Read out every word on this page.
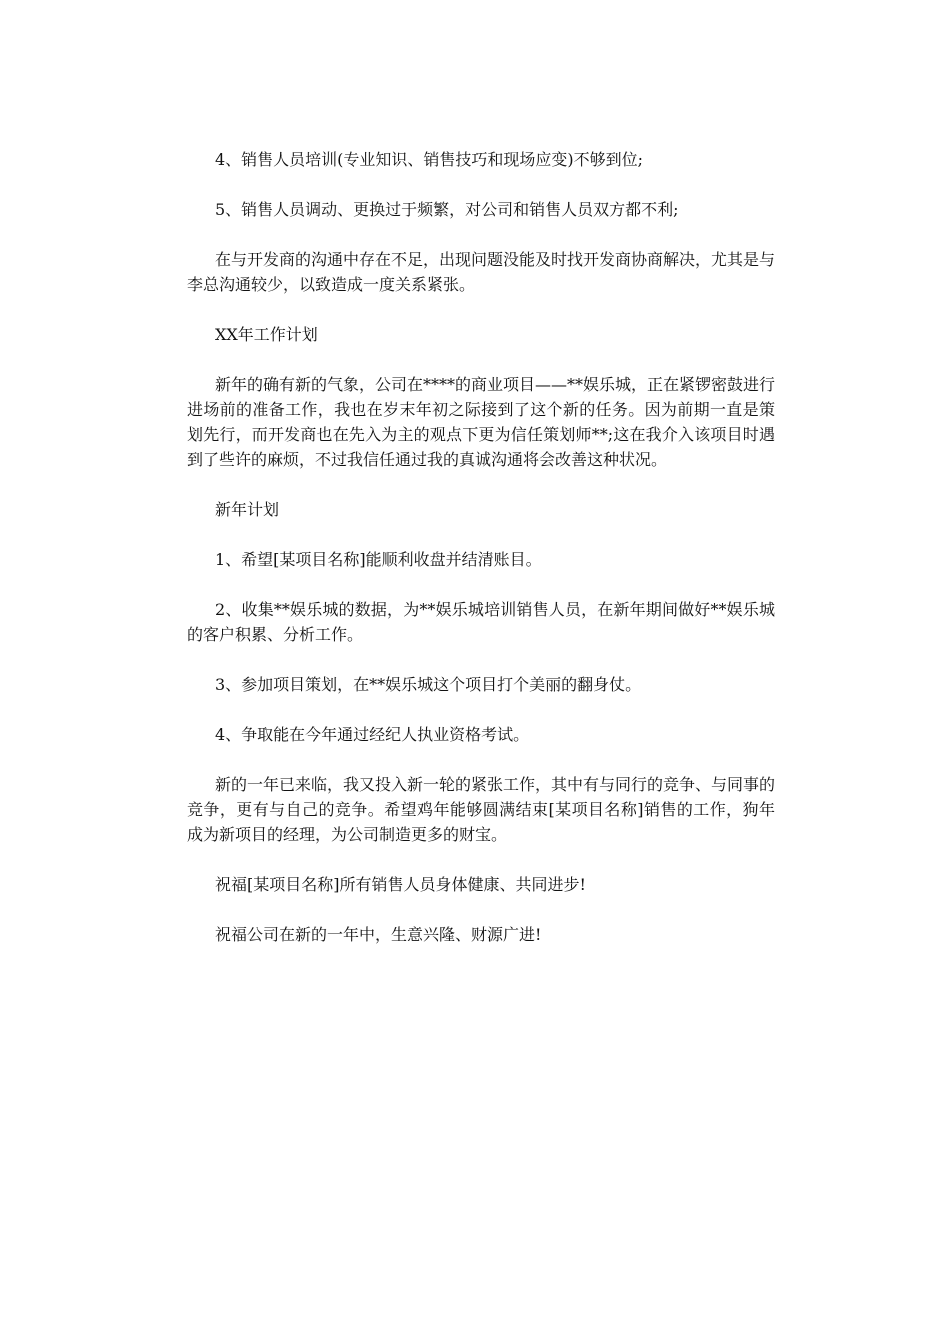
4、销售人员培训(专业知识、销售技巧和现场应变)不够到位;

5、销售人员调动、更换过于频繁，对公司和销售人员双方都不利;

在与开发商的沟通中存在不足，出现问题没能及时找开发商协商解决，尤其是与李总沟通较少，以致造成一度关系紧张。

XX年工作计划

新年的确有新的气象，公司在****的商业项目——**娱乐城，正在紧锣密鼓进行进场前的准备工作，我也在岁末年初之际接到了这个新的任务。因为前期一直是策划先行，而开发商也在先入为主的观点下更为信任策划师**;这在我介入该项目时遇到了些许的麻烦，不过我信任通过我的真诚沟通将会改善这种状况。

新年计划

1、希望[某项目名称]能顺利收盘并结清账目。

2、收集**娱乐城的数据，为**娱乐城培训销售人员，在新年期间做好**娱乐城的客户积累、分析工作。

3、参加项目策划，在**娱乐城这个项目打个美丽的翻身仗。

4、争取能在今年通过经纪人执业资格考试。

新的一年已来临，我又投入新一轮的紧张工作，其中有与同行的竞争、与同事的竞争，更有与自己的竞争。希望鸡年能够圆满结束[某项目名称]销售的工作，狗年成为新项目的经理，为公司制造更多的财宝。

祝福[某项目名称]所有销售人员身体健康、共同进步!

祝福公司在新的一年中，生意兴隆、财源广进!
